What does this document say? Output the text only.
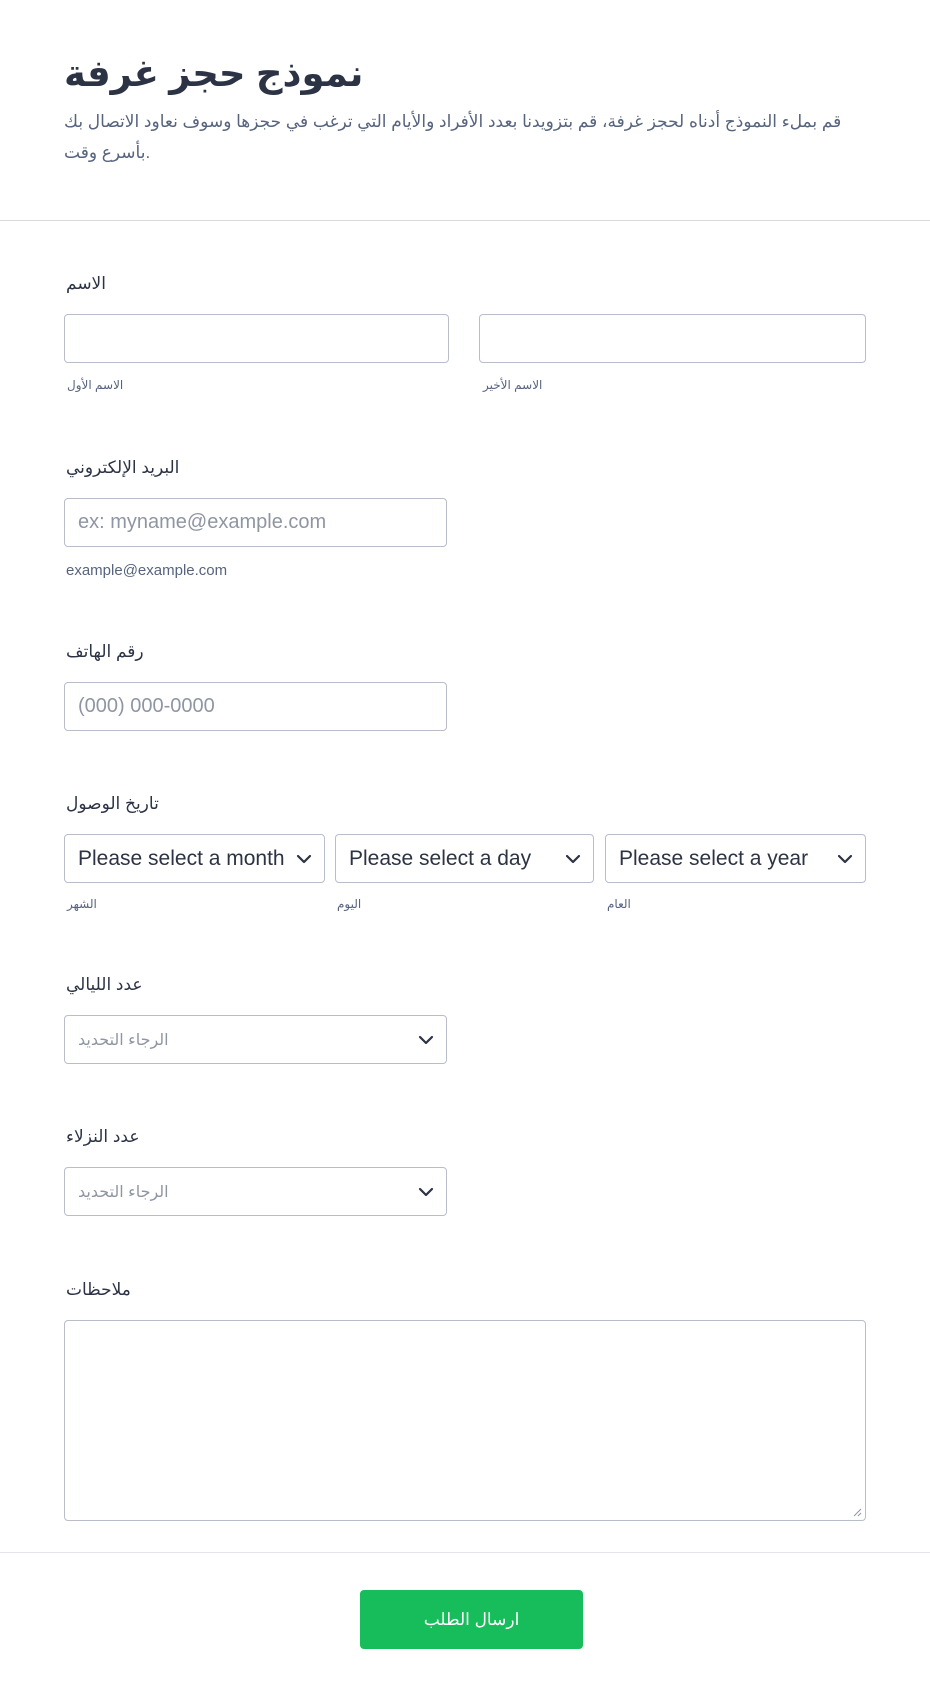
نموذج حجز غرفة
قم بملء النموذج أدناه لحجز غرفة، قم بتزويدنا بعدد الأفراد والأيام التي ترغب في حجزها وسوف نعاود الاتصال بك بأسرع وقت.
الاسم
الاسم الأول	الاسم الأخير
البريد الإلكتروني
ex: myname@example.com
example@example.com
رقم الهاتف
(000) 000-0000
تاريخ الوصول
Please select a month	Please select a day	Please select a year
الشهر	اليوم	العام
عدد الليالي
الرجاء التحديد
عدد النزلاء
الرجاء التحديد
ملاحظات
ارسال الطلب
